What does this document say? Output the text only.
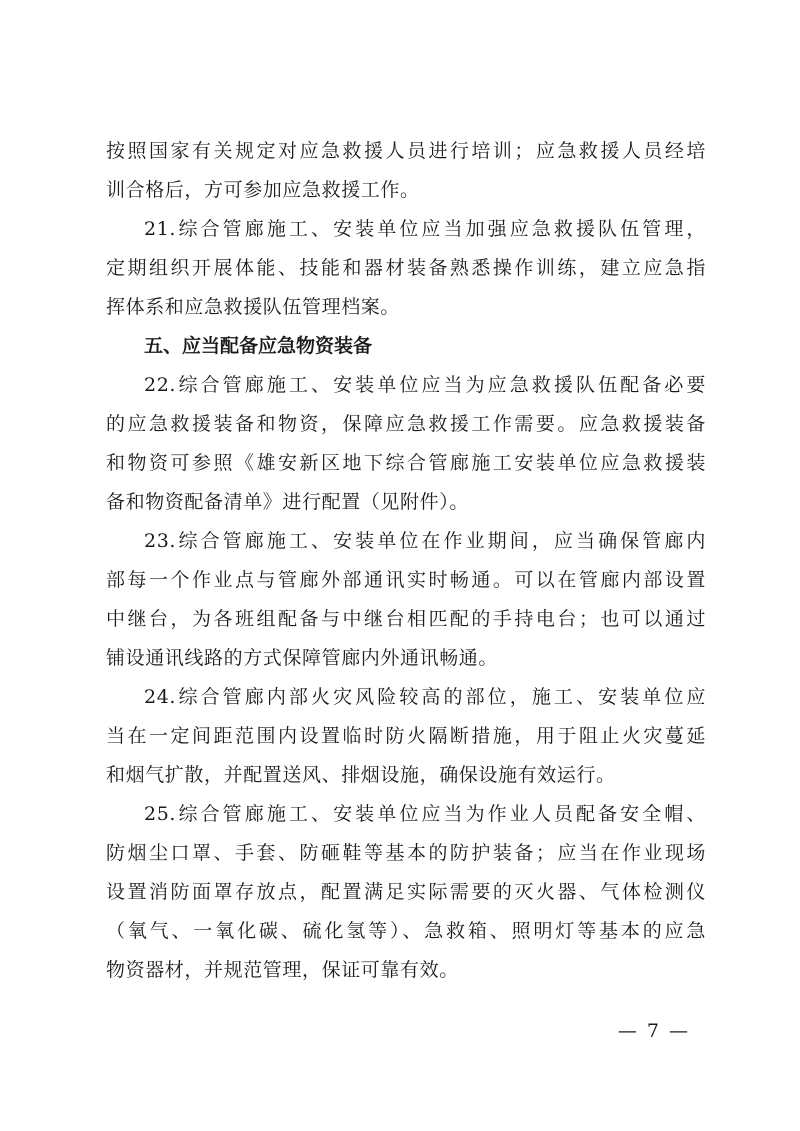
按照国家有关规定对应急救援人员进行培训；应急救援人员经培
训合格后，方可参加应急救援工作。
21.综合管廊施工、安装单位应当加强应急救援队伍管理，
定期组织开展体能、技能和器材装备熟悉操作训练，建立应急指
挥体系和应急救援队伍管理档案。
五、应当配备应急物资装备
22.综合管廊施工、安装单位应当为应急救援队伍配备必要
的应急救援装备和物资，保障应急救援工作需要。应急救援装备
和物资可参照《雄安新区地下综合管廊施工安装单位应急救援装
备和物资配备清单》进行配置（见附件）。
23.综合管廊施工、安装单位在作业期间，应当确保管廊内
部每一个作业点与管廊外部通讯实时畅通。可以在管廊内部设置
中继台，为各班组配备与中继台相匹配的手持电台；也可以通过
铺设通讯线路的方式保障管廊内外通讯畅通。
24.综合管廊内部火灾风险较高的部位，施工、安装单位应
当在一定间距范围内设置临时防火隔断措施，用于阻止火灾蔓延
和烟气扩散，并配置送风、排烟设施，确保设施有效运行。
25.综合管廊施工、安装单位应当为作业人员配备安全帽、
防烟尘口罩、手套、防砸鞋等基本的防护装备；应当在作业现场
设置消防面罩存放点，配置满足实际需要的灭火器、气体检测仪
（氧气、一氧化碳、硫化氢等）、急救箱、照明灯等基本的应急
物资器材，并规范管理，保证可靠有效。
— 7 —
